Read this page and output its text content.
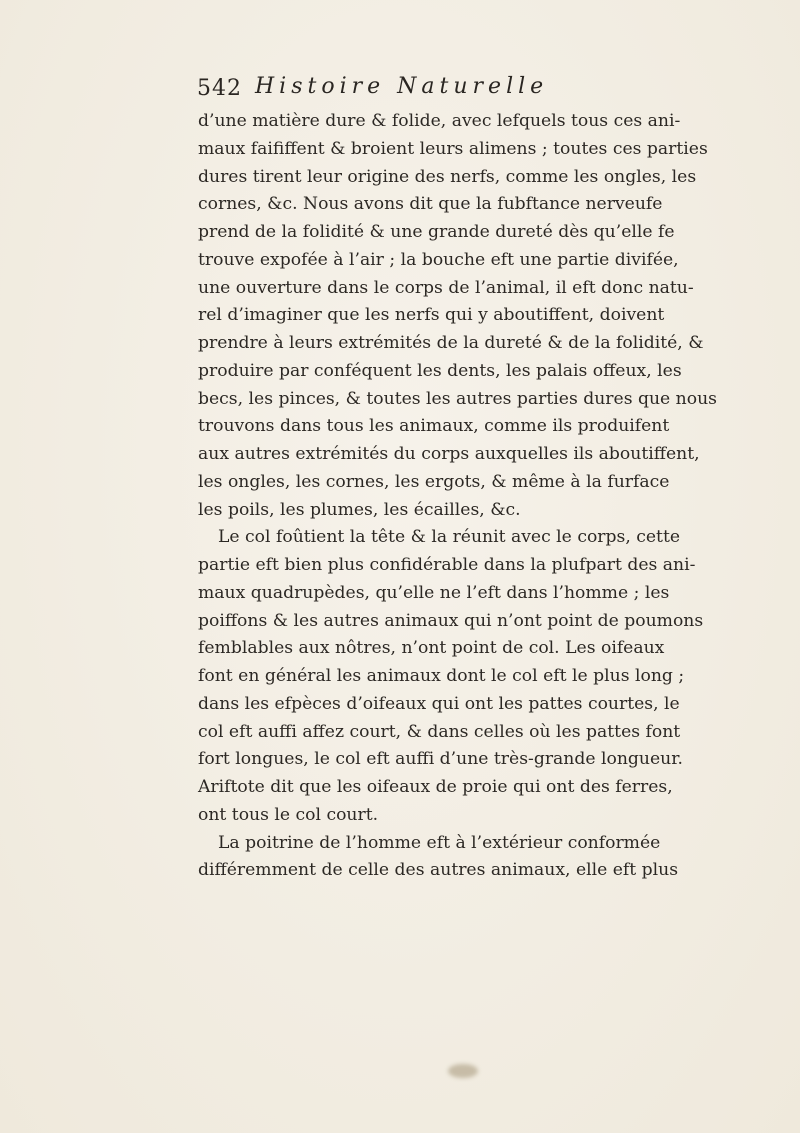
542 Histoire Naturelle
d’une matière dure & folide, avec lefquels tous ces ani-
maux faififfent & broient leurs alimens ; toutes ces parties
dures tirent leur origine des nerfs, comme les ongles, les
cornes, &c. Nous avons dit que la fubftance nerveufe
prend de la folidité & une grande dureté dès qu’elle fe
trouve expofée à l’air ; la bouche eft une partie divifée,
une ouverture dans le corps de l’animal, il eft donc natu-
rel d’imaginer que les nerfs qui y aboutiffent, doivent
prendre à leurs extrémités de la dureté & de la folidité, &
produire par conféquent les dents, les palais offeux, les
becs, les pinces, & toutes les autres parties dures que nous
trouvons dans tous les animaux, comme ils produifent
aux autres extrémités du corps auxquelles ils aboutiffent,
les ongles, les cornes, les ergots, & même à la furface
les poils, les plumes, les écailles, &c.
Le col foûtient la tête & la réunit avec le corps, cette
partie eft bien plus confidérable dans la plufpart des ani-
maux quadrupèdes, qu’elle ne l’eft dans l’homme ; les
poiffons & les autres animaux qui n’ont point de poumons
femblables aux nôtres, n’ont point de col. Les oifeaux
font en général les animaux dont le col eft le plus long ;
dans les efpèces d’oifeaux qui ont les pattes courtes, le
col eft auffi affez court, & dans celles où les pattes font
fort longues, le col eft auffi d’une très-grande longueur.
Ariftote dit que les oifeaux de proie qui ont des ferres,
ont tous le col court.
La poitrine de l’homme eft à l’extérieur conformée
différemment de celle des autres animaux, elle eft plus
